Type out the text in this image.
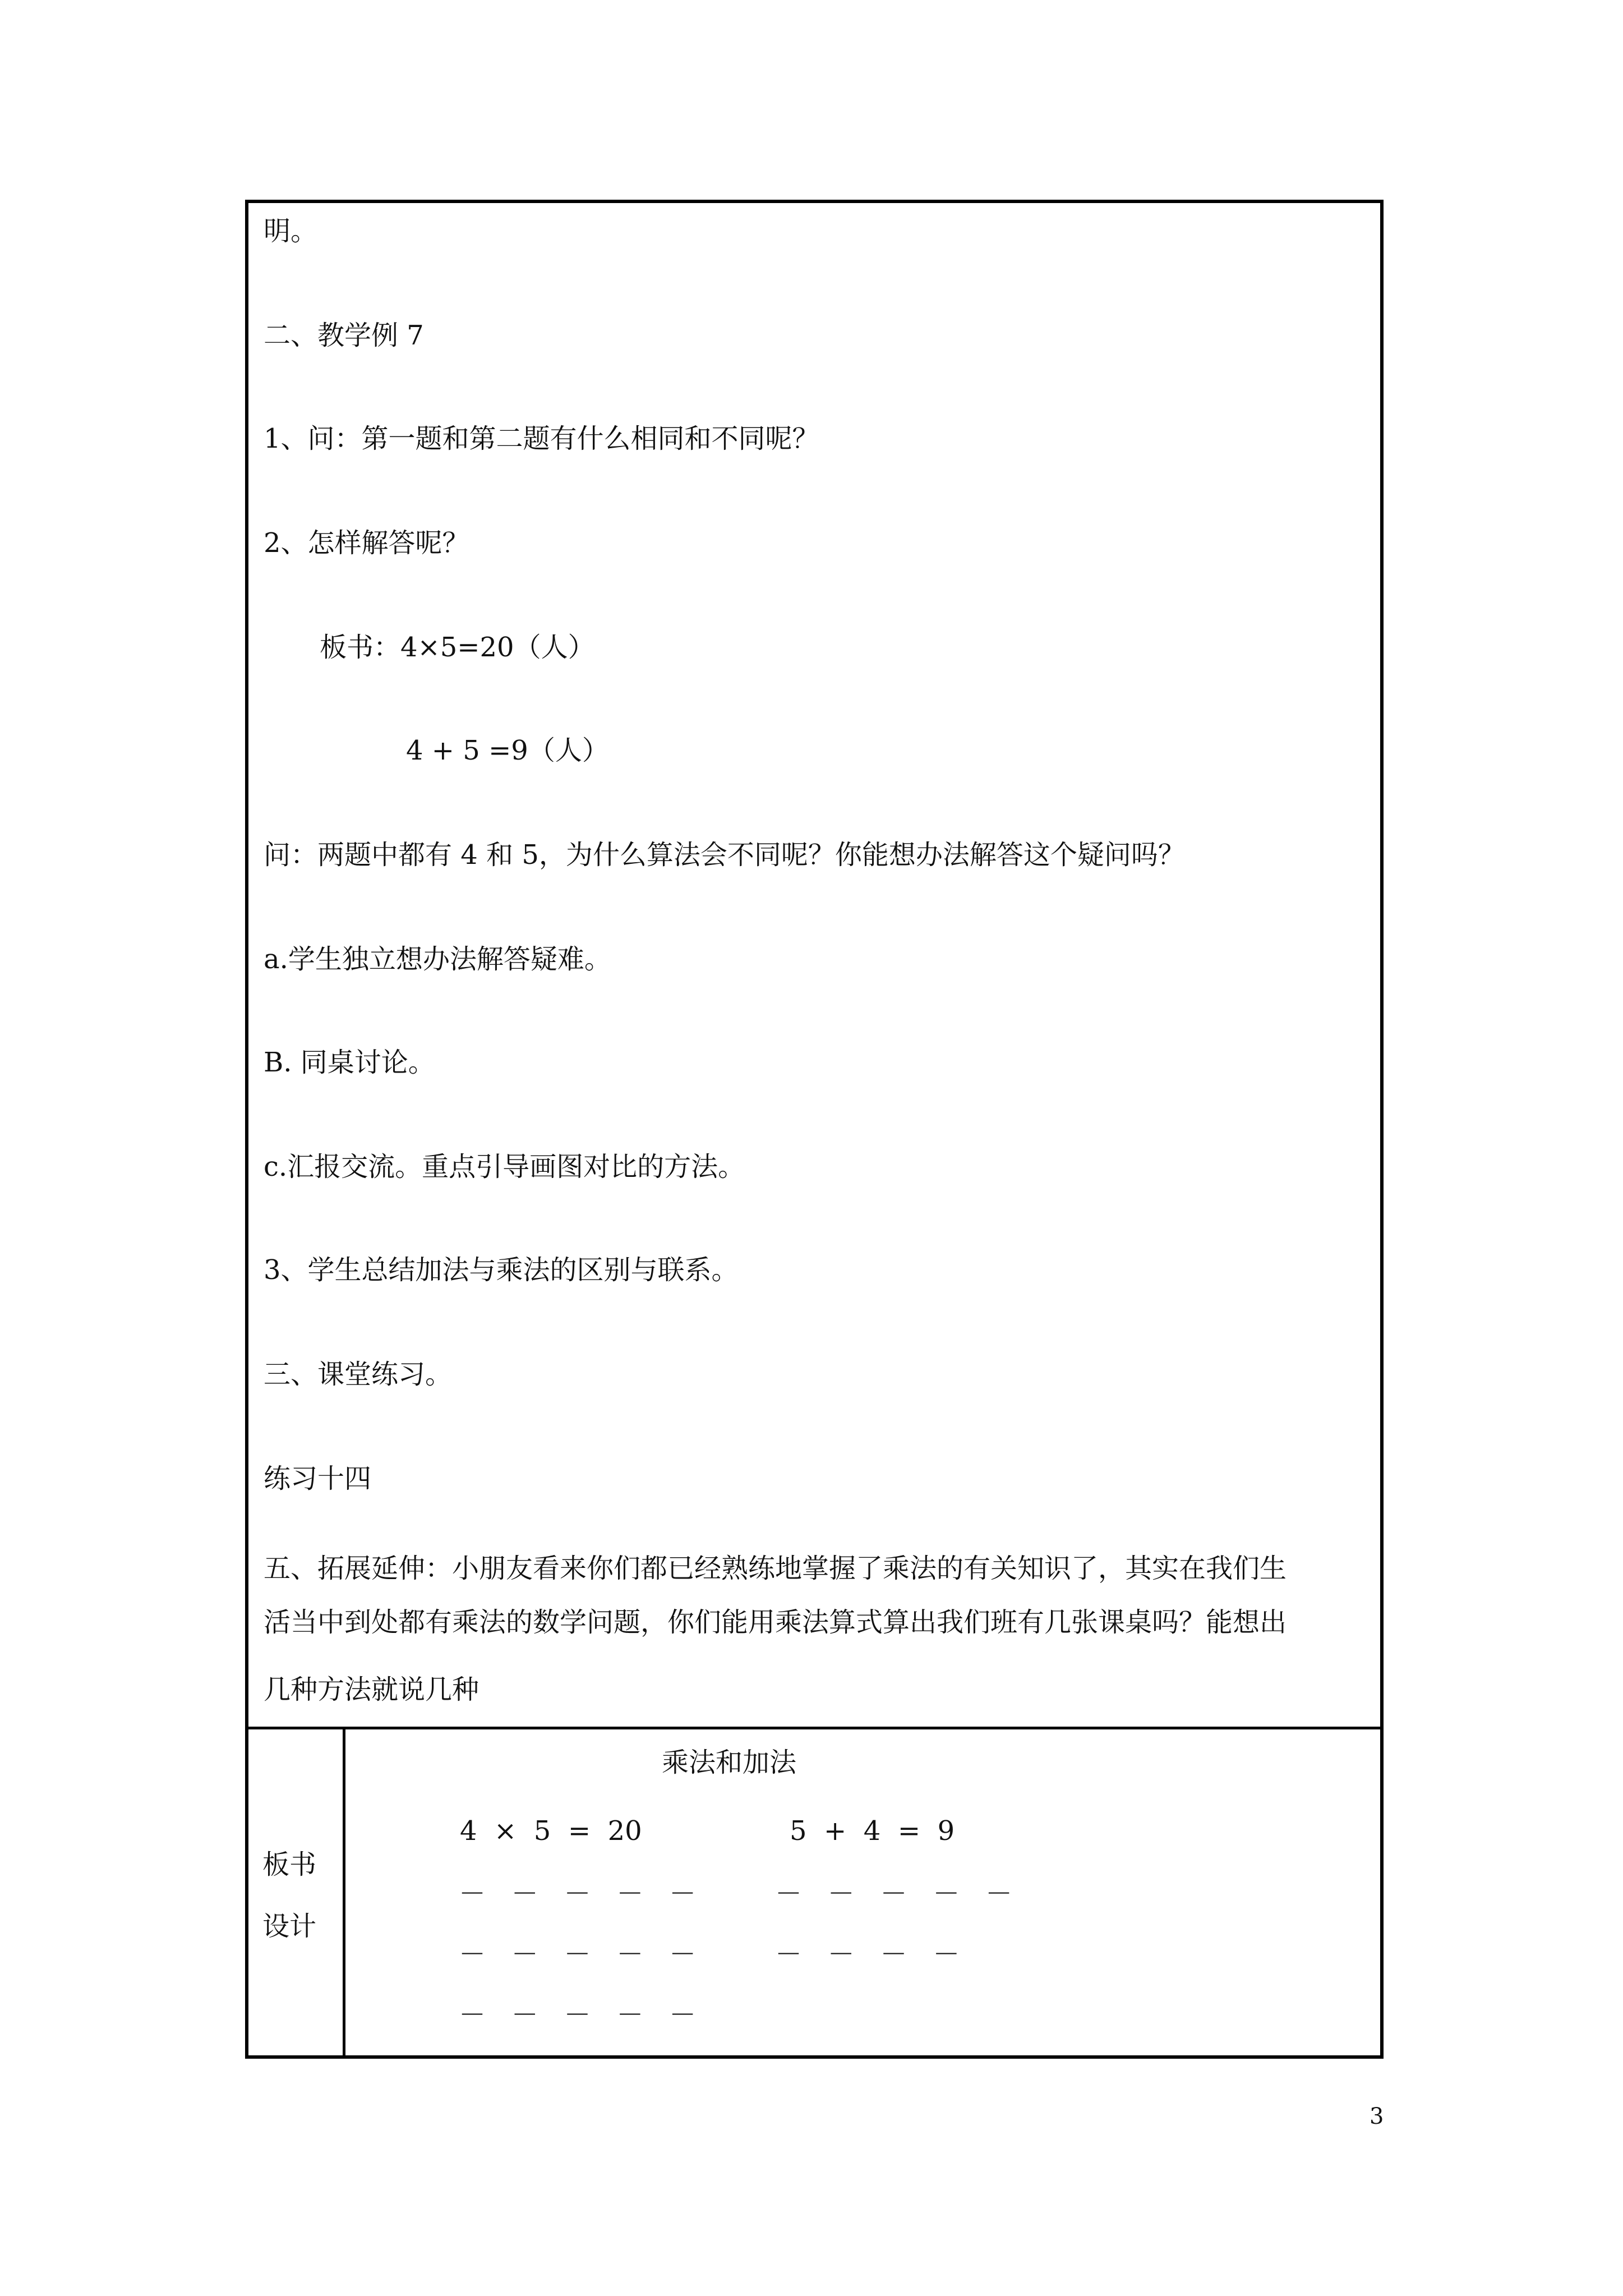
明。
二、教学例 7
1、问：第一题和第二题有什么相同和不同呢？
2、怎样解答呢？
板书：4×5=20（人）
4 + 5 =9（人）
问：两题中都有 4 和 5，为什么算法会不同呢？你能想办法解答这个疑问吗？
a.学生独立想办法解答疑难。
B. 同桌讨论。
c.汇报交流。重点引导画图对比的方法。
3、学生总结加法与乘法的区别与联系。
三、课堂练习。
练习十四
五、拓展延伸：小朋友看来你们都已经熟练地掌握了乘法的有关知识了，其实在我们生
活当中到处都有乘法的数学问题，你们能用乘法算式算出我们班有几张课桌吗？能想出
几种方法就说几种
板书
设计
乘法和加法
4  ×  5  =  20	5  +  4  =  9
－   －   －   －   －
－   －   －   －   －
－   －   －   －   －
－   －   －   －   －
－   －   －   －
3
